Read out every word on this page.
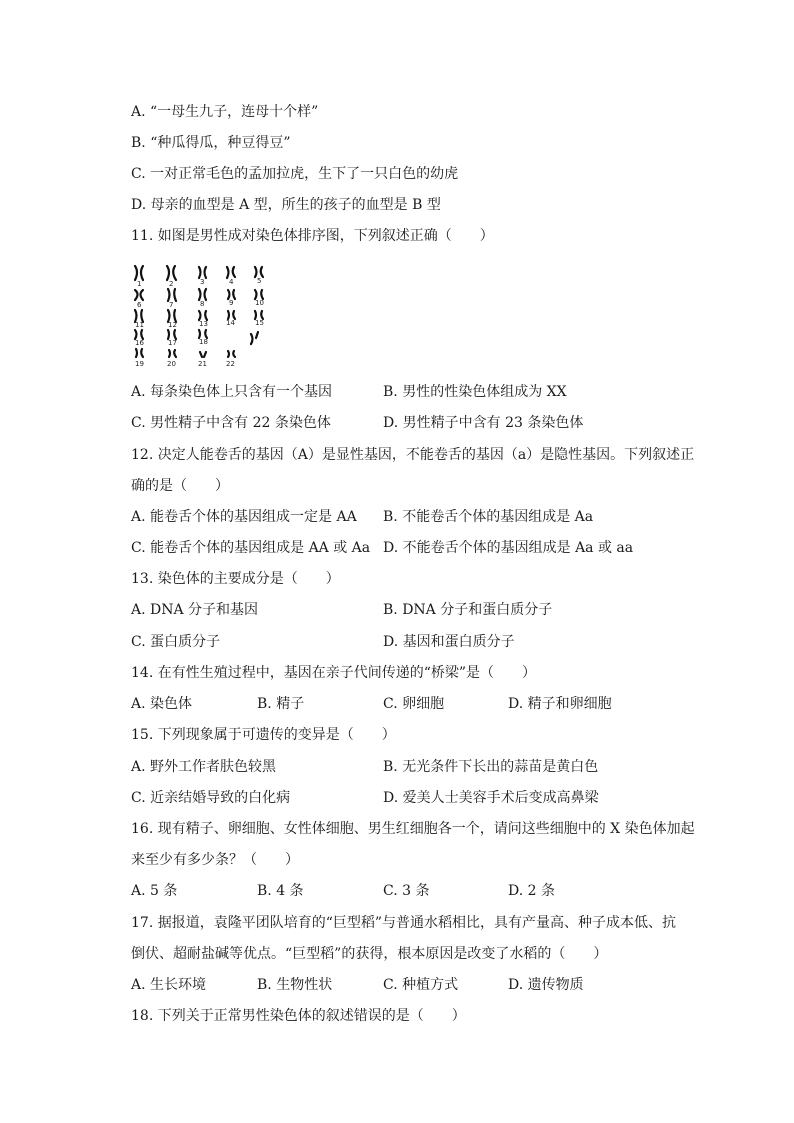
A. “一母生九子，连母十个样”
B. “种瓜得瓜，种豆得豆”
C. 一对正常毛色的孟加拉虎，生下了一只白色的幼虎
D. 母亲的血型是 A 型，所生的孩子的血型是 B 型
11. 如图是男性成对染色体排序图，下列叙述正确（　　）
1	2	3	4	5
6	7	8	9	10
11	12	13	14	15
16	17	18
19	20	21	22
A. 每条染色体上只含有一个基因	B. 男性的性染色体组成为 XX
C. 男性精子中含有 22 条染色体	D. 男性精子中含有 23 条染色体
12. 决定人能卷舌的基因（A）是显性基因，不能卷舌的基因（a）是隐性基因。下列叙述正
确的是（　　）
A. 能卷舌个体的基因组成一定是 AA B. 不能卷舌个体的基因组成是 Aa
C. 能卷舌个体的基因组成是 AA 或 Aa D. 不能卷舌个体的基因组成是 Aa 或 aa
13. 染色体的主要成分是（　　）
A. DNA 分子和基因	B. DNA 分子和蛋白质分子
C. 蛋白质分子	D. 基因和蛋白质分子
14. 在有性生殖过程中，基因在亲子代间传递的“桥梁”是（　　）
A. 染色体	B. 精子	C. 卵细胞	D. 精子和卵细胞
15. 下列现象属于可遗传的变异是（　　）
A. 野外工作者肤色较黑	B. 无光条件下长出的蒜苗是黄白色
C. 近亲结婚导致的白化病	D. 爱美人士美容手术后变成高鼻梁
16. 现有精子、卵细胞、女性体细胞、男生红细胞各一个，请问这些细胞中的 X 染色体加起
来至少有多少条？（　　）
A. 5 条	B. 4 条	C. 3 条	D. 2 条
17. 据报道，袁隆平团队培育的“巨型稻”与普通水稻相比，具有产量高、种子成本低、抗
倒伏、超耐盐碱等优点。“巨型稻”的获得，根本原因是改变了水稻的（　　）
A. 生长环境	B. 生物性状	C. 种植方式	D. 遗传物质
18. 下列关于正常男性染色体的叙述错误的是（　　）
